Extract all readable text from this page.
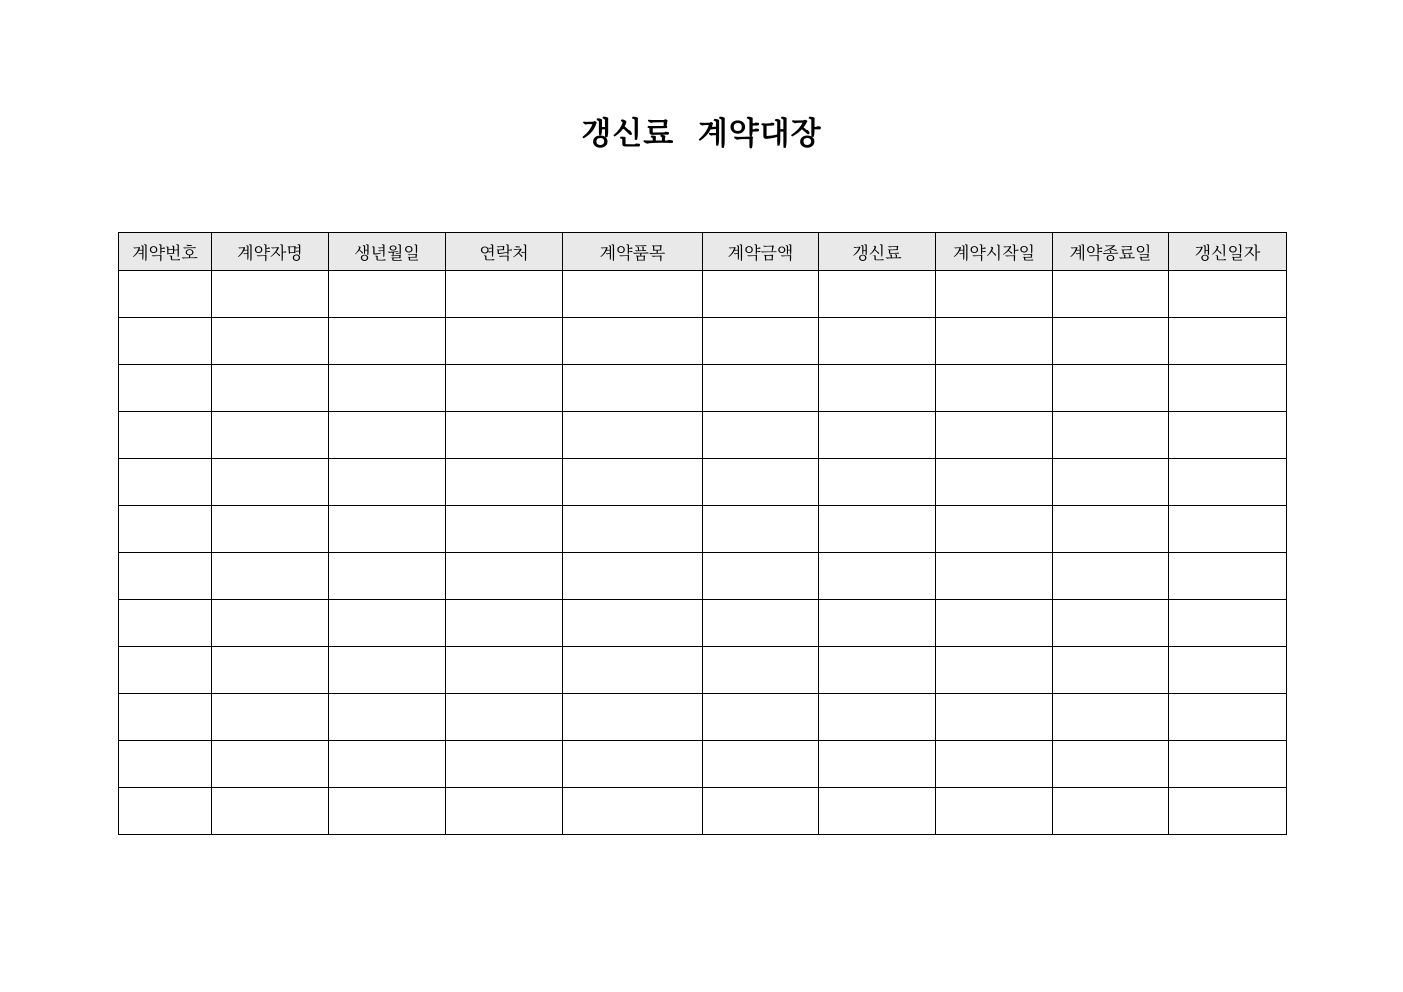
갱신료  계약대장
계약번호	계약자명	생년월일	연락처	계약품목	계약금액	갱신료	계약시작일	계약종료일	갱신일자
